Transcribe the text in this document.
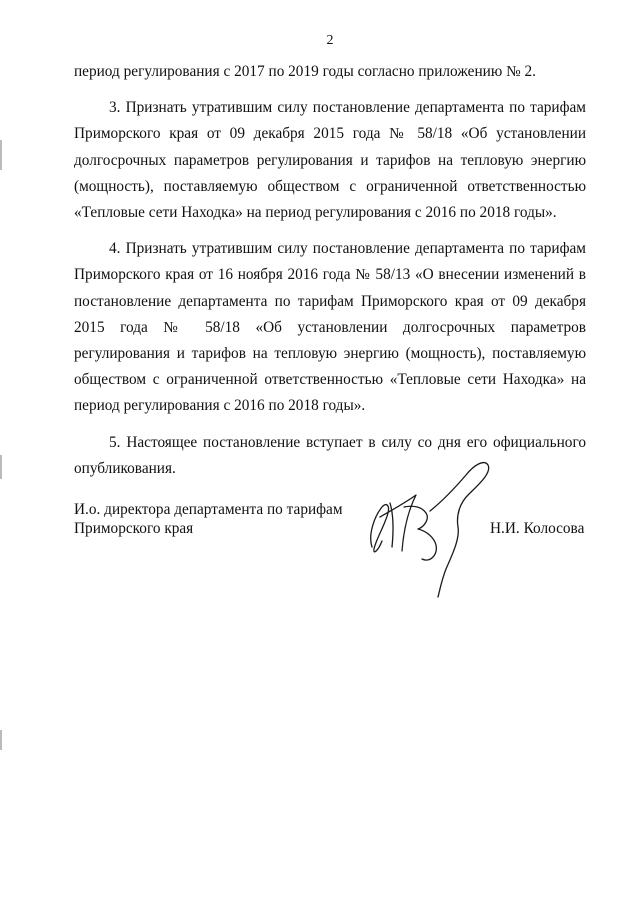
2

период регулирования с 2017 по 2019 годы согласно приложению № 2.

3. Признать утратившим силу постановление департамента по тарифам Приморского края от 09 декабря 2015 года № 58/18 «Об установлении долгосрочных параметров регулирования и тарифов на тепловую энергию (мощность), поставляемую обществом с ограниченной ответственностью «Тепловые сети Находка» на период регулирования с 2016 по 2018 годы».

4. Признать утратившим силу постановление департамента по тарифам Приморского края от 16 ноября 2016 года № 58/13 «О внесении изменений в постановление департамента по тарифам Приморского края от 09 декабря 2015 года № 58/18 «Об установлении долгосрочных параметров регулирования и тарифов на тепловую энергию (мощность), поставляемую обществом с ограниченной ответственностью «Тепловые сети Находка» на период регулирования с 2016 по 2018 годы».

5. Настоящее постановление вступает в силу со дня его официального опубликования.

И.о. директора департамента по тарифам
Приморского края	Н.И. Колосова
